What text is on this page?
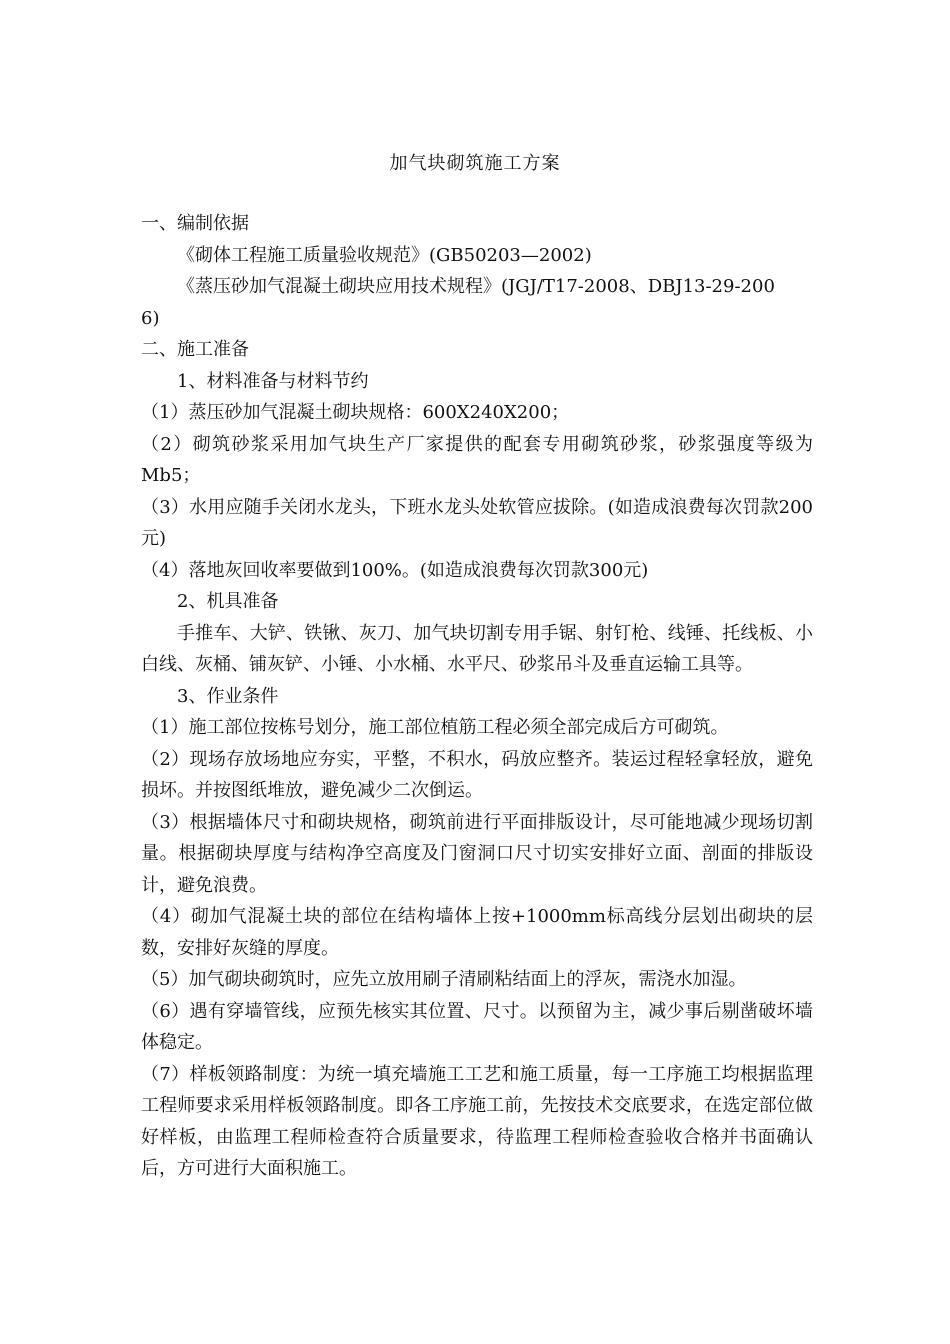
加气块砌筑施工方案
一、编制依据
《砌体工程施工质量验收规范》(GB50203—2002)
《蒸压砂加气混凝土砌块应用技术规程》(JGJ/T17-2008、DBJ13-29-200
6)
二、施工准备
1、材料准备与材料节约
（1）蒸压砂加气混凝土砌块规格：600X240X200；
（2）砌筑砂浆采用加气块生产厂家提供的配套专用砌筑砂浆，砂浆强度等级为Mb5；
（3）水用应随手关闭水龙头，下班水龙头处软管应拔除。(如造成浪费每次罚款200元)
（4）落地灰回收率要做到100%。(如造成浪费每次罚款300元)
2、机具准备
手推车、大铲、铁锹、灰刀、加气块切割专用手锯、射钉枪、线锤、托线板、小白线、灰桶、铺灰铲、小锤、小水桶、水平尺、砂浆吊斗及垂直运输工具等。
3、作业条件
（1）施工部位按栋号划分，施工部位植筋工程必须全部完成后方可砌筑。
（2）现场存放场地应夯实，平整，不积水，码放应整齐。装运过程轻拿轻放，避免损坏。并按图纸堆放，避免减少二次倒运。
（3）根据墙体尺寸和砌块规格，砌筑前进行平面排版设计，尽可能地减少现场切割量。根据砌块厚度与结构净空高度及门窗洞口尺寸切实安排好立面、剖面的排版设计，避免浪费。
（4）砌加气混凝土块的部位在结构墙体上按+1000mm标高线分层划出砌块的层数，安排好灰缝的厚度。
（5）加气砌块砌筑时，应先立放用刷子清刷粘结面上的浮灰，需浇水加湿。
（6）遇有穿墙管线，应预先核实其位置、尺寸。以预留为主，减少事后剔凿破坏墙体稳定。
（7）样板领路制度：为统一填充墙施工工艺和施工质量，每一工序施工均根据监理工程师要求采用样板领路制度。即各工序施工前，先按技术交底要求，在选定部位做好样板，由监理工程师检查符合质量要求，待监理工程师检查验收合格并书面确认后，方可进行大面积施工。
